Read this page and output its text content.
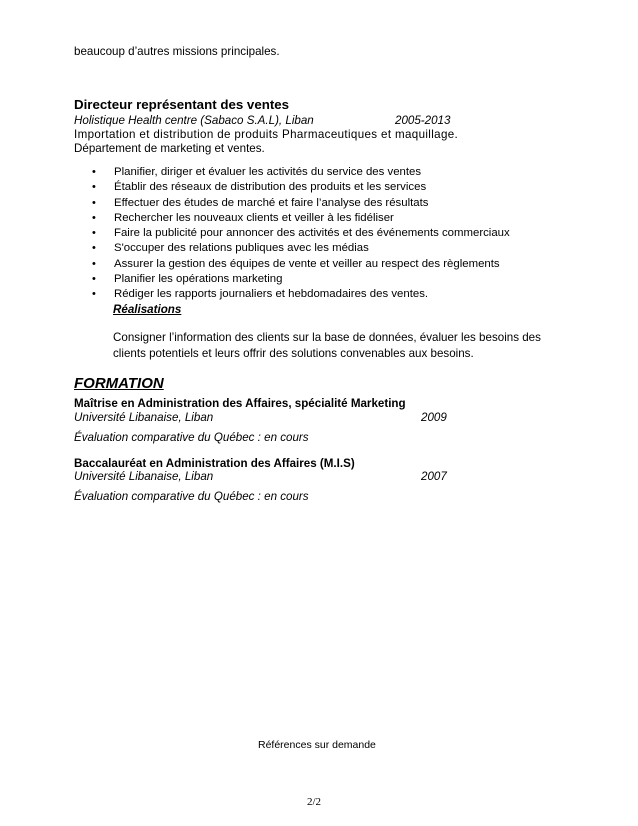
beaucoup d’autres missions principales.
Directeur représentant des ventes
Holistique Health centre (Sabaco S.A.L), Liban	2005-2013
Importation et distribution de produits Pharmaceutiques et maquillage.
Département de marketing et ventes.
• Planifier, diriger et évaluer les activités du service des ventes
• Établir des réseaux de distribution des produits et les services
• Effectuer des études de marché et faire l’analyse des résultats
• Rechercher les nouveaux clients et veiller à les fidéliser
• Faire la publicité pour annoncer des activités et des événements commerciaux
• S'occuper des relations publiques avec les médias
• Assurer la gestion des équipes de vente et veiller au respect des règlements
• Planifier les opérations marketing
• Rédiger les rapports journaliers et hebdomadaires des ventes.
Réalisations
Consigner l’information des clients sur la base de données, évaluer les besoins des clients potentiels et leurs offrir des solutions convenables aux besoins.
FORMATION
Maîtrise en Administration des Affaires, spécialité Marketing
Université Libanaise, Liban	2009
Évaluation comparative du Québec : en cours
Baccalauréat en Administration des Affaires (M.I.S)
Université Libanaise, Liban	2007
Évaluation comparative du Québec : en cours
Références sur demande
2/2
